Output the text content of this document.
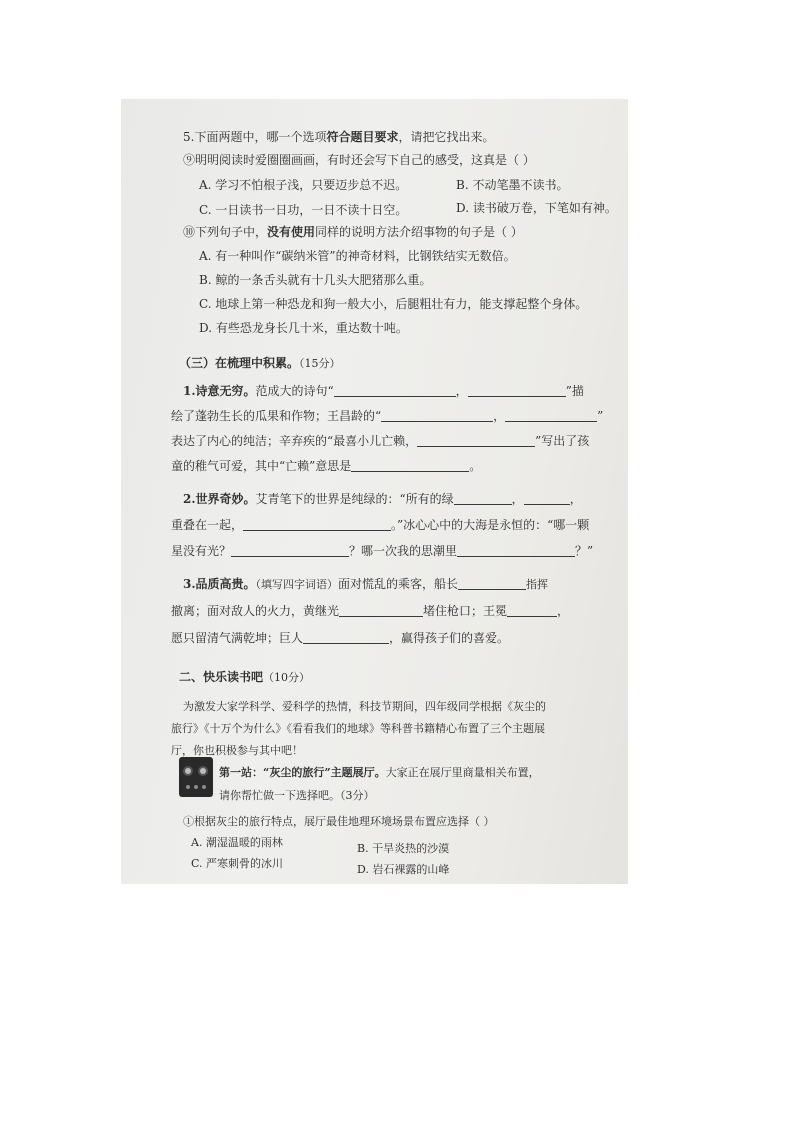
5.下面两题中，哪一个选项符合题目要求，请把它找出来。
⑨明明阅读时爱圈圈画画，有时还会写下自己的感受，这真是（ ）
A. 学习不怕根子浅，只要迈步总不迟。	B. 不动笔墨不读书。
C. 一日读书一日功，一日不读十日空。	D. 读书破万卷，下笔如有神。
⑩下列句子中，没有使用同样的说明方法介绍事物的句子是（ ）
A. 有一种叫作“碳纳米管”的神奇材料，比钢铁结实无数倍。
B. 鲸的一条舌头就有十几头大肥猪那么重。
C. 地球上第一种恐龙和狗一般大小，后腿粗壮有力，能支撑起整个身体。
D. 有些恐龙身长几十米，重达数十吨。
（三）在梳理中积累。（15分）
1.诗意无穷。范成大的诗句“	，	”描
绘了蓬勃生长的瓜果和作物；王昌龄的“	，	”
表达了内心的纯洁；辛弃疾的“最喜小儿亡赖，	”写出了孩
童的稚气可爱，其中“亡赖”意思是	。
2.世界奇妙。艾青笔下的世界是纯绿的：“所有的绿	，	，
重叠在一起，	。”冰心心中的大海是永恒的：“哪一颗
星没有光？	？哪一次我的思潮里	？”
3.品质高贵。（填写四字词语）面对慌乱的乘客，船长	指挥
撤离；面对敌人的火力，黄继光	堵住枪口；王冕	，
愿只留清气满乾坤；巨人	，赢得孩子们的喜爱。
二、快乐读书吧（10分）
为激发大家学科学、爱科学的热情，科技节期间，四年级同学根据《灰尘的
旅行》《十万个为什么》《看看我们的地球》等科普书籍精心布置了三个主题展
厅，你也积极参与其中吧！
第一站：“灰尘的旅行”主题展厅。大家正在展厅里商量相关布置，
请你帮忙做一下选择吧。（3分）
①根据灰尘的旅行特点，展厅最佳地理环境场景布置应选择（ ）
A. 潮湿温暖的雨林	B. 干旱炎热的沙漠
C. 严寒刺骨的冰川	D. 岩石裸露的山峰
